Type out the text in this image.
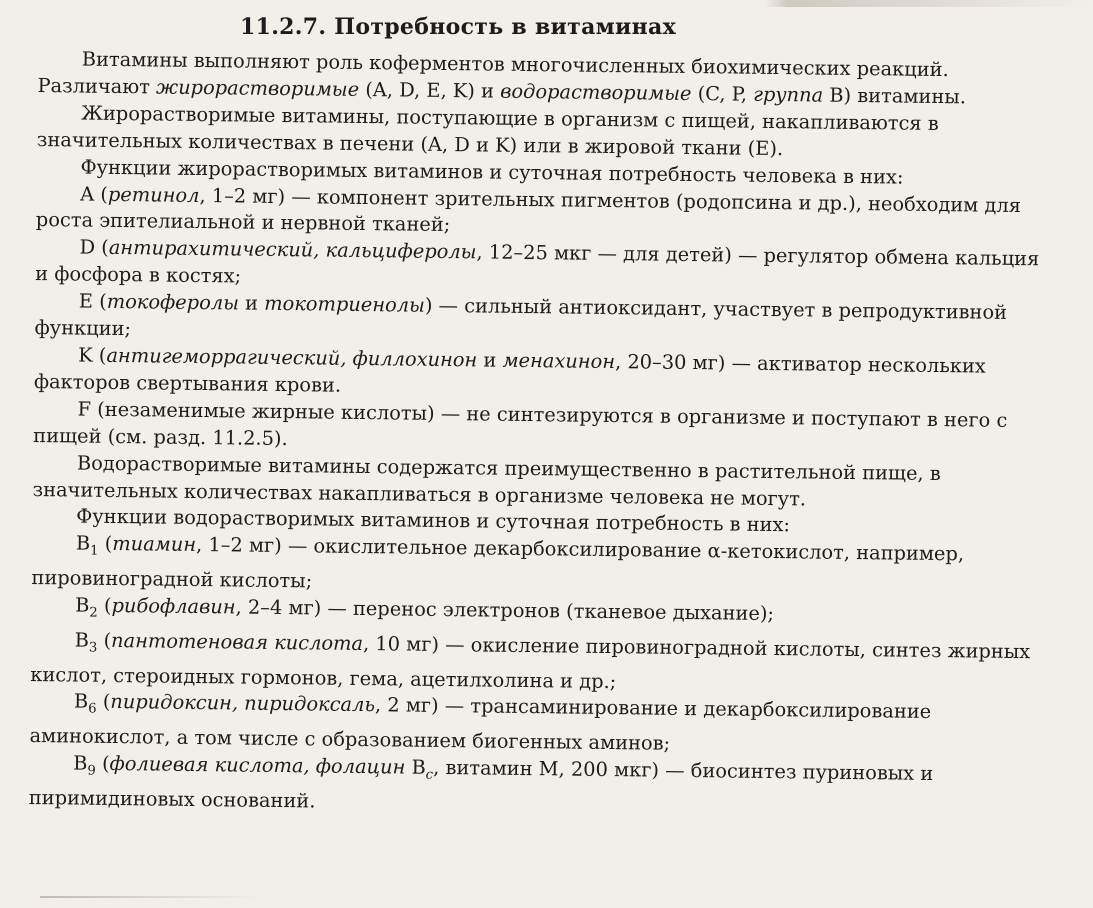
11.2.7. Потребность в витаминах

Витамины выполняют роль коферментов многочисленных биохимических реакций. Различают жирорастворимые (A, D, E, K) и водорастворимые (C, P, группа B) витамины.

Жирорастворимые витамины, поступающие в организм с пищей, накапливаются в значительных количествах в печени (A, D и K) или в жировой ткани (E).

Функции жирорастворимых витаминов и суточная потребность человека в них:

A (ретинол, 1–2 мг) — компонент зрительных пигментов (родопсина и др.), необходим для роста эпителиальной и нервной тканей;

D (антирахитический, кальциферолы, 12–25 мкг — для детей) — регулятор обмена кальция и фосфора в костях;

E (токоферолы и токотриенолы) — сильный антиоксидант, участвует в репродуктивной функции;

K (антигеморрагический, филлохинон и менахинон, 20–30 мг) — активатор нескольких факторов свертывания крови.

F (незаменимые жирные кислоты) — не синтезируются в организме и поступают в него с пищей (см. разд. 11.2.5).

Водорастворимые витамины содержатся преимущественно в растительной пище, в значительных количествах накапливаться в организме человека не могут.

Функции водорастворимых витаминов и суточная потребность в них:

$B_1$ (тиамин, 1–2 мг) — окислительное декарбоксилирование α-кетокислот, например, пировиноградной кислоты;

$B_2$ (рибофлавин, 2–4 мг) — перенос электронов (тканевое дыхание);

$B_3$ (пантотеновая кислота, 10 мг) — окисление пировиноградной кислоты, синтез жирных кислот, стероидных гормонов, гема, ацетилхолина и др.;

$B_6$ (пиридоксин, пиридоксаль, 2 мг) — трансаминирование и декарбоксилирование аминокислот, а том числе с образованием биогенных аминов;

$B_9$ (фолиевая кислота, фолацин $B_c$, витамин M, 200 мкг) — биосинтез пуриновых и пиримидиновых оснований.
